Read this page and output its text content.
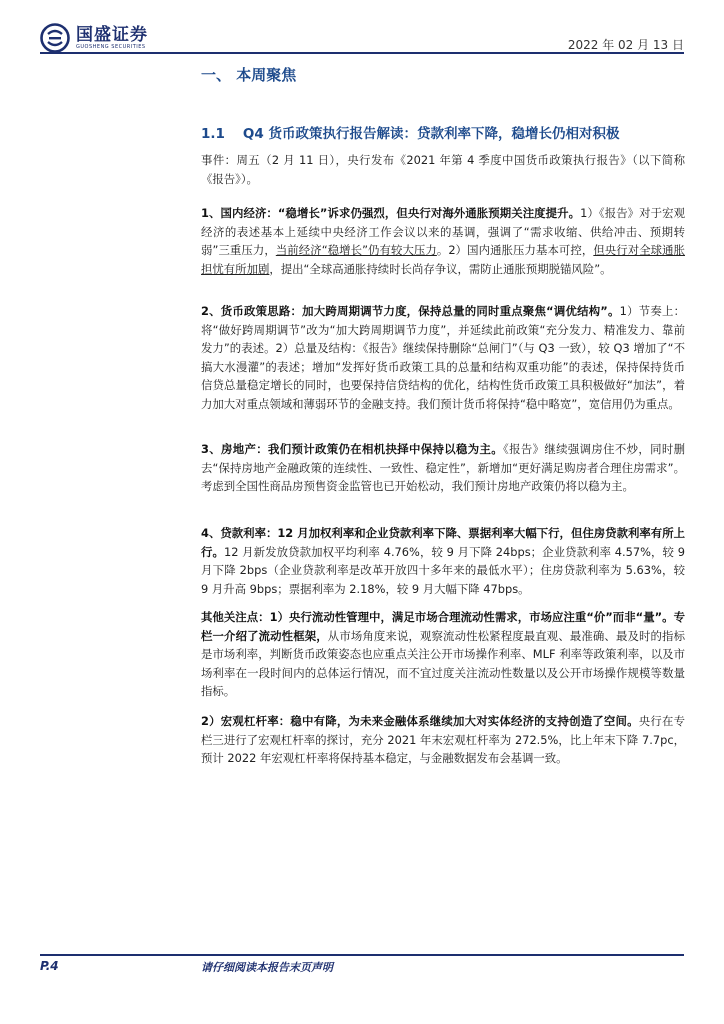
国盛证券
GUOSHENG SECURITIES	2022 年 02 月 13 日
一、 本周聚焦
1.1 Q4 货币政策执行报告解读：贷款利率下降，稳增长仍相对积极

事件：周五（2 月 11 日），央行发布《2021 年第 4 季度中国货币政策执行报告》（以下简称《报告》）。

1、国内经济：“稳增长”诉求仍强烈，但央行对海外通胀预期关注度提升。1）《报告》对于宏观经济的表述基本上延续中央经济工作会议以来的基调，强调了“需求收缩、供给冲击、预期转弱”三重压力，当前经济“稳增长”仍有较大压力。2）国内通胀压力基本可控，但央行对全球通胀担忧有所加剧，提出“全球高通胀持续时长尚存争议，需防止通胀预期脱锚风险”。

2、货币政策思路：加大跨周期调节力度，保持总量的同时重点聚焦“调优结构”。1）节奏上：将“做好跨周期调节”改为“加大跨周期调节力度”，并延续此前政策“充分发力、精准发力、靠前发力”的表述。2）总量及结构：《报告》继续保持删除“总闸门”（与 Q3 一致），较 Q3 增加了“不搞大水漫灌”的表述；增加“发挥好货币政策工具的总量和结构双重功能”的表述，保持保持货币信贷总量稳定增长的同时，也要保持信贷结构的优化，结构性货币政策工具积极做好“加法”，着力加大对重点领域和薄弱环节的金融支持。我们预计货币将保持“稳中略宽”，宽信用仍为重点。

3、房地产：我们预计政策仍在相机抉择中保持以稳为主。《报告》继续强调房住不炒，同时删去“保持房地产金融政策的连续性、一致性、稳定性”，新增加“更好满足购房者合理住房需求”。考虑到全国性商品房预售资金监管也已开始松动，我们预计房地产政策仍将以稳为主。

4、贷款利率：12 月加权利率和企业贷款利率下降、票据利率大幅下行，但住房贷款利率有所上行。12 月新发放贷款加权平均利率 4.76%，较 9 月下降 24bps；企业贷款利率 4.57%，较 9 月下降 2bps（企业贷款利率是改革开放四十多年来的最低水平）；住房贷款利率为 5.63%，较 9 月升高 9bps；票据利率为 2.18%，较 9 月大幅下降 47bps。

其他关注点：1）央行流动性管理中，满足市场合理流动性需求，市场应注重“价”而非“量”。专栏一介绍了流动性框架，从市场角度来说，观察流动性松紧程度最直观、最准确、最及时的指标是市场利率，判断货币政策姿态也应重点关注公开市场操作利率、MLF 利率等政策利率，以及市场利率在一段时间内的总体运行情况，而不宜过度关注流动性数量以及公开市场操作规模等数量指标。

2）宏观杠杆率：稳中有降，为未来金融体系继续加大对实体经济的支持创造了空间。央行在专栏三进行了宏观杠杆率的探讨，充分 2021 年末宏观杠杆率为 272.5%，比上年末下降 7.7pc，预计 2022 年宏观杠杆率将保持基本稳定，与金融数据发布会基调一致。

P.4	请仔细阅读本报告末页声明
